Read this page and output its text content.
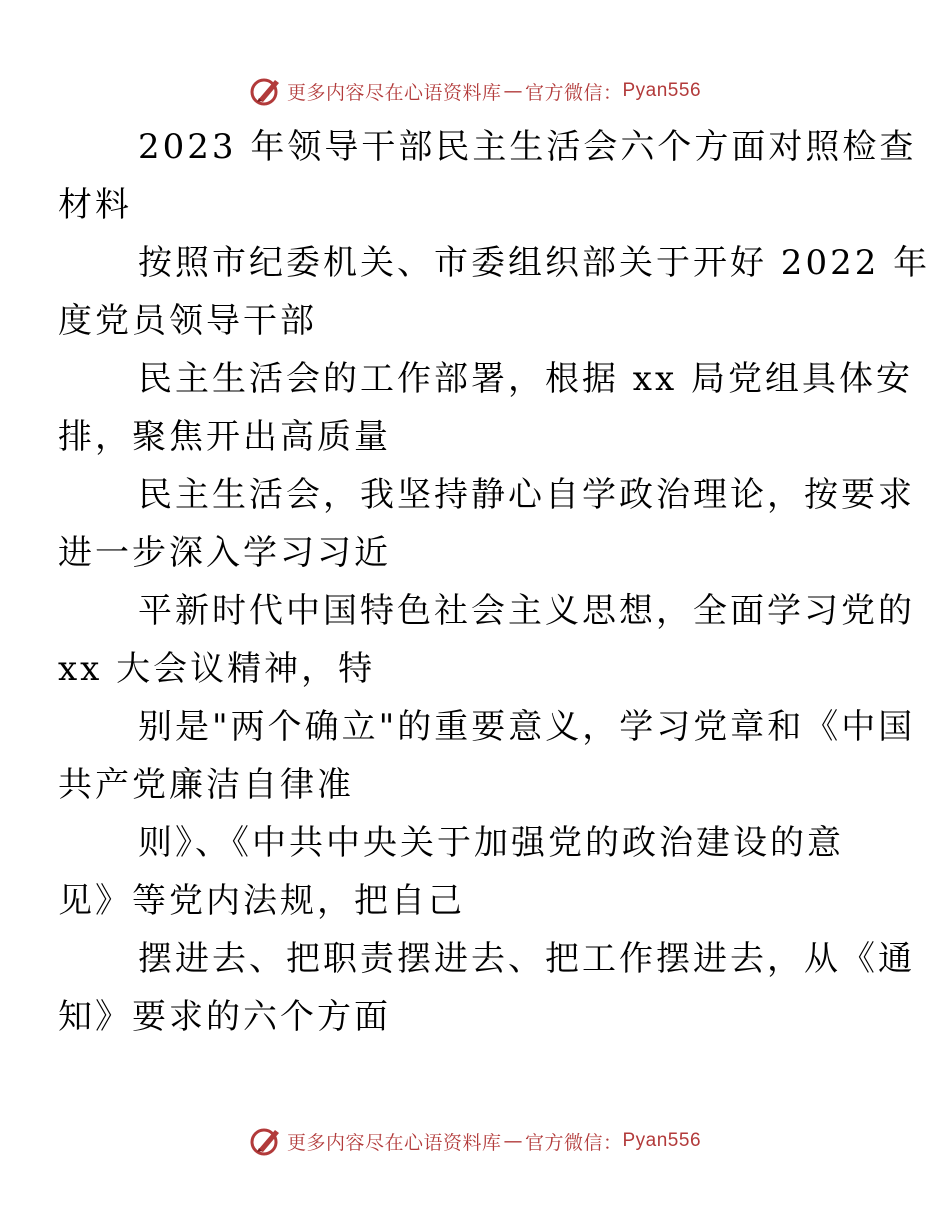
更多内容尽在心语资料库 — 官方微信： Pyan556

2023 年领导干部民主生活会六个方面对照检查
材料

按照市纪委机关、市委组织部关于开好 2022 年
度党员领导干部

民主生活会的工作部署，根据 xx 局党组具体安
排，聚焦开出高质量

民主生活会，我坚持静心自学政治理论，按要求
进一步深入学习习近

平新时代中国特色社会主义思想，全面学习党的
xx 大会议精神，特

别是"两个确立"的重要意义，学习党章和《中国
共产党廉洁自律准

则》、《中共中央关于加强党的政治建设的意
见》等党内法规，把自己

摆进去、把职责摆进去、把工作摆进去，从《通
知》要求的六个方面

更多内容尽在心语资料库 — 官方微信： Pyan556
